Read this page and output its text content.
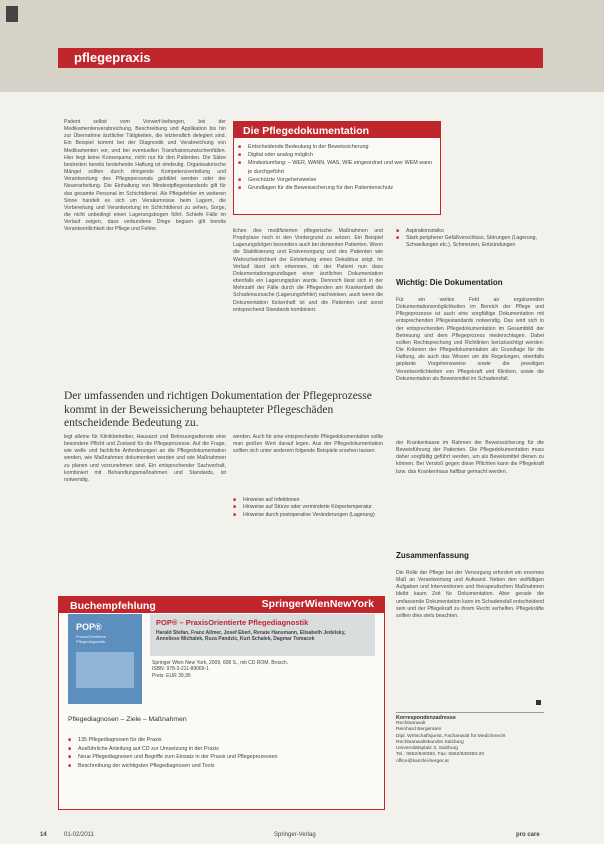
pflegepraxis
Patient selbst vom Vorwerf-befangen, bei der Medikamentenverabreichung, Beschreibung und Applikation bis hin zur Übernahme ärztlicher Tätigkeiten, die letztendlich delegiert sind. Ein Beispiel kommt bei der Diagnostik und Verabreichung von Medikamenten vor, und bei eventuellen Transfusionszwischenfällen. Hier liegt keine Konsequenz, nicht nur für den Patienten. Die Sätze bestreiten bereits bestehende Haftung ist eindeutig. Organisatorische Mängel sollten durch dringende Kompetenzverteilung und Verantwortung des Pflegepersonals gebildet werden oder der Neuerarbeitung. Die Einhaltung von Mindestpflegestandards gilt für das gesamte Personal im Schichtdienst. Als Pflegefehler im weiteren Sinne handelt es sich um Versäumnisse beim Lagern, die Vorbereitung und Verantwortung im Schichtdienst zu sehen, Sorge, die nicht unbedingt einen Lagerungsbogen führt. Schiefe Fälle im Verlauf zeigen, dass verbundene Dinge beguen gilt bereits Verantwortlichkeit der Pflege und Fehler.
Die Pflegedokumentation
■ Entscheidende Bedeutung in der Beweissicherung
■ Digital oder analog möglich
■ Mindestumfang: – WER, WANN, WAS, WIE eingeordnet und wer WEM wann je durchgeführt
■ Geschützte Vorgehensweise
■ Grundlagen für die Beweissicherung für den Patientenschutz
lichen des modifizierten pflegerische Maßnahmen und Prophylaxe noch in den Vordergrund zu setzen. Ein Beispiel Lagerungsbögen besonders auch bei dementen Patienten. Wenn die Stabilisierung und Erstversorgung und des Patienten wie Wahrscheinlichkeit der Entstehung eines Dekubitus zeigt. Im Verlauf lässt sich erkennen, ob der Patient nun dass Dokumentationsgrundlagen einer ärztlichen Dokumentation ebenfalls ein Lagerungsplan wurde. Dennoch lässt sich in der Mehrzahl der Fälle durch die Pflegenden am Krankenbett die Schadensursache (Lagerungsfehler) nachweisen, auch wenn die Dokumentation lückenhaft ist und die Patienten und sonst entsprechend Standards kombiniert.
■ Aspirationsrisiko
■ Stark peripherer Gefäßverschluss, Störungen (Lagerung, Schwellungen etc.), Schmerzen, Entzündungen
Wichtig: Die Dokumentation
Für ein weites Feld an ergänzenden Dokumentationsmöglichkeiten im Bereich der Pflege und Pflegeprozesse ist auch eine sorgfältige Dokumentation mit entsprechenden Pflegestandards notwendig. Das wird sich in der entsprechenden Pflegedokumentation im Gesamtbild der Betreuung und dem Pflegeprozess niederschlagen. Dabei sollten Rechtsprechung und Richtlinien berücksichtigt werden: Die Kriterien der Pflegedokumentation als Grundlage für die Haftung, als auch das Wissen um die Regelungen, ebenfalls geplante Vorgehensweise sowie die jeweiligen Verantwortlichkeiten von Pflegekraft und Kliniken, sowie die Dokumentation als Beweismittel im Schadensfall.
Der umfassenden und richtigen Dokumentation der Pflegeprozesse kommt in der Beweissicherung behaupteter Pflegeschäden entscheidende Bedeutung zu.
legt alleine für Klinikbetreiber, Hausarzt und Betreuungsdienste eine besondere Pflicht und Zustand für die Pflegeprozesse. Auf die Frage, wie welle und fachliche Anforderungen an die Pflegedokumentation werden, wie Maßnahmen dokumentiert werden und wie Maßnahmen zu planen und vorzunehmen sind. Ein entsprechender Sachverhalt, kombiniert mit Behandlungsmaßnahmen und Standards, ist notwendig.
werden. Auch für eine entsprechende Pflegedokumentation sollte man großen Wert darauf legen. Aus der Pflegedokumentation sollten sich unter anderem folgende Beispiele ersehen lassen:
■ Hinweise auf Infektionen
■ Hinweise auf Stürze oder verminderte Körpertemperatur
■ Hinweise durch postoperative Veränderungen (Lagerung)
der Krankenkasse im Rahmen der Beweissicherung für die Beweisführung der Patienten. Die Pflegedokumentation muss daher sorgfältig geführt werden, um als Beweismittel dienen zu können. Bei Verstoß gegen diese Pflichten kann die Pflegekraft bzw. das Krankenhaus haftbar gemacht werden.
Zusammenfassung
Die Rolle der Pflege bei der Versorgung erfordert ein enormes Maß an Verantwortung und Aufwand. Neben den vielfältigen Aufgaben und Interventionen und therapeutischen Maßnahmen bleibt kaum Zeit für Dokumentation. Aber gerade die umfassende Dokumentation kann im Schadensfall entscheidend sein und der Pflegekraft zu ihrem Recht verhelfen. Pflegekräfte sollten dies stets beachten.
Korrespondenzadresse
Rechtsanwalt
Reinhard Bergeraten
Dipl. Wirtschaftsjurist, Fachanwalt für Medizinrecht
Rechtsanwaltskanzlei Salzburg
Universitätsplatz 3, Salzburg
Tel.: 0662/849393, Fax: 0662/849393-20
office@kanzlei-berger.at
Buchempfehlung	SpringerWienNewYork
POP®
PraxisOrientierte Pflegediagnostik
POP® – PraxisOrientierte Pflegediagnostik
Harald Stefan, Franz Allmer, Josef Eberl, Renate Hansmann, Elisabeth Jedelsky, Anneliese Michalek, Ruza Pandzic, Kurt Schalek, Dagmar Tomacek
Springer Wien New York, 2009, 608 S., mit CD ROM, Brosch.
ISBN: 978-3-211-89069-1
Preis: EUR 39,95
Pflegediagnosen – Ziele – Maßnahmen
■ 135 Pflegediagnosen für die Praxis
■ Ausführliche Anleitung auf CD zur Umsetzung in der Praxis
■ Neue Pflegediagnosen und Begriffe zum Einsatz in der Praxis und Pflegeprozessen
■ Beschreibung der wichtigsten Pflegediagnosen und Tools
14	01-02/2011	Springer-Verlag	pro care
